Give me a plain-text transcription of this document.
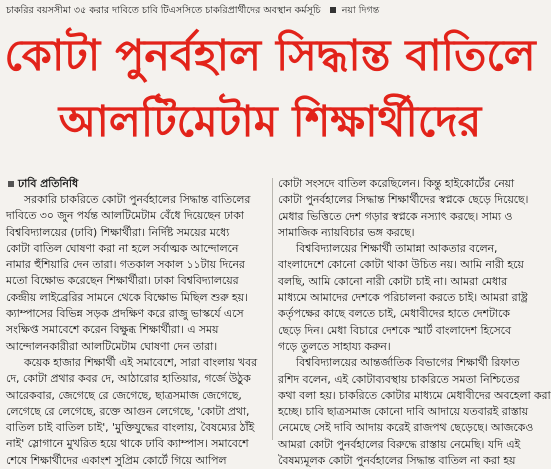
চাকরির বয়সসীমা ৩৫ করার দাবিতে চাবি টিএসসিতে চাকরিপ্রার্থীদের অবস্থান কর্মসূচি নয়া দিগন্ত
কোটা পুনর্বহাল সিদ্ধান্ত বাতিলে
আলটিমেটাম শিক্ষার্থীদের
ঢাবি প্রতিনিধি
সরকারি চাকরিতে কোটা পুনর্বহালের সিদ্ধান্ত বাতিলের
দাবিতে ৩০ জুন পর্যন্ত আলটিমেটাম বেঁধে দিয়েছেন ঢাকা
বিশ্ববিদ্যালয়ের (ঢাবি) শিক্ষার্থীরা। নির্দিষ্ট সময়ের মধ্যে
কোটা বাতিল ঘোষণা করা না হলে সর্বাত্মক আন্দোলনে
নামার হুঁশিয়ারি দেন তারা। গতকাল সকাল ১১টায় দিনের
মতো বিক্ষোভ করেছেন শিক্ষার্থীরা। ঢাকা বিশ্ববিদ্যালয়ের
কেন্দ্রীয় লাইব্রেরির সামনে থেকে বিক্ষোভ মিছিল শুরু হয়।
ক্যাম্পাসের বিভিন্ন সড়ক প্রদক্ষিণ করে রাজু ভাস্কর্যে এসে
সংক্ষিপ্ত সমাবেশে করেন বিক্ষুব্ধ শিক্ষার্থীরা। এ সময়
আন্দোলনকারীরা আলটিমেটাম ঘোষণা দেন তারা।
কয়েক হাজার শিক্ষার্থী এই সমাবেশে, সারা বাংলায় খবর
দে, কোটা প্রথার কবর দে, আঠারোর হাতিয়ার, গর্জে উঠুক
আরেকবার, জেগেছে রে জেগেছে, ছাত্রসমাজ জেগেছে,
লেগেছে রে লেগেছে, রক্তে আগুন লেগেছে, 'কোটা প্রথা,
বাতিল চাই বাতিল চাই', 'মুক্তিযুদ্ধের বাংলায়, বৈষম্যের ঠাঁই
নাই' স্লোগানে মুখরিত হয়ে থাকে ঢাবি ক্যাম্পাস। সমাবেশে
শেষে শিক্ষার্থীদের একাংশ সুপ্রিম কোর্টে গিয়ে আপিল
কোটা সংসদে বাতিল করেছিলেন। কিন্তু হাইকোর্টের নেয়া
কোটা পুনর্বহালের সিদ্ধান্ত শিক্ষার্থীদের স্বপ্নকে ছেড়ে দিয়েছে।
মেধার ভিত্তিতে দেশ গড়ার স্বপ্নকে নস্যাৎ করছে। সাম্য ও
সামাজিক ন্যায়বিচার ভঙ্গ করছে।
বিশ্ববিদ্যালয়ের শিক্ষার্থী তামান্না আকতার বলেন,
বাংলাদেশে কোনো কোটা থাকা উচিত নয়। আমি নারী হয়ে
বলছি, আমি কোনো নারী কোটা চাই না। আমরা মেধার
মাধ্যমে আমাদের দেশকে পরিচালনা করতে চাই। আমরা রাষ্ট্র
কর্তৃপক্ষের কাছে বলতে চাই, মেধাবীদের হাতে দেশটাকে
ছেড়ে দিন। মেধা বিচারে দেশকে স্মার্ট বাংলাদেশ হিসেবে
গড়ে তুলতে সাহায্য করুন।
বিশ্ববিদ্যালয়ের আন্তর্জাতিক বিভাগের শিক্ষার্থী রিফাত
রশিদ বলেন, এই কোটাব্যবস্থায় চাকরিতে সমতা নিশ্চিতের
কথা বলা হয়। চাকরিতে কোটার মাধ্যমে মেধাবীদের অবহেলা করা
হচ্ছে। চাবি ছাত্রসমাজ কোনো দাবি আদায়ে যতবারই রাস্তায়
নেমেছে সেই দাবি আদায় করেই রাজপথ ছেড়েছে। আজকেও
আমরা কোটা পুনর্বহালের বিরুদ্ধে রাস্তায় নেমেছি। যদি এই
বৈষম্যমূলক কোটা পুনর্বহালের সিদ্ধান্ত বাতিল না করা হয়
